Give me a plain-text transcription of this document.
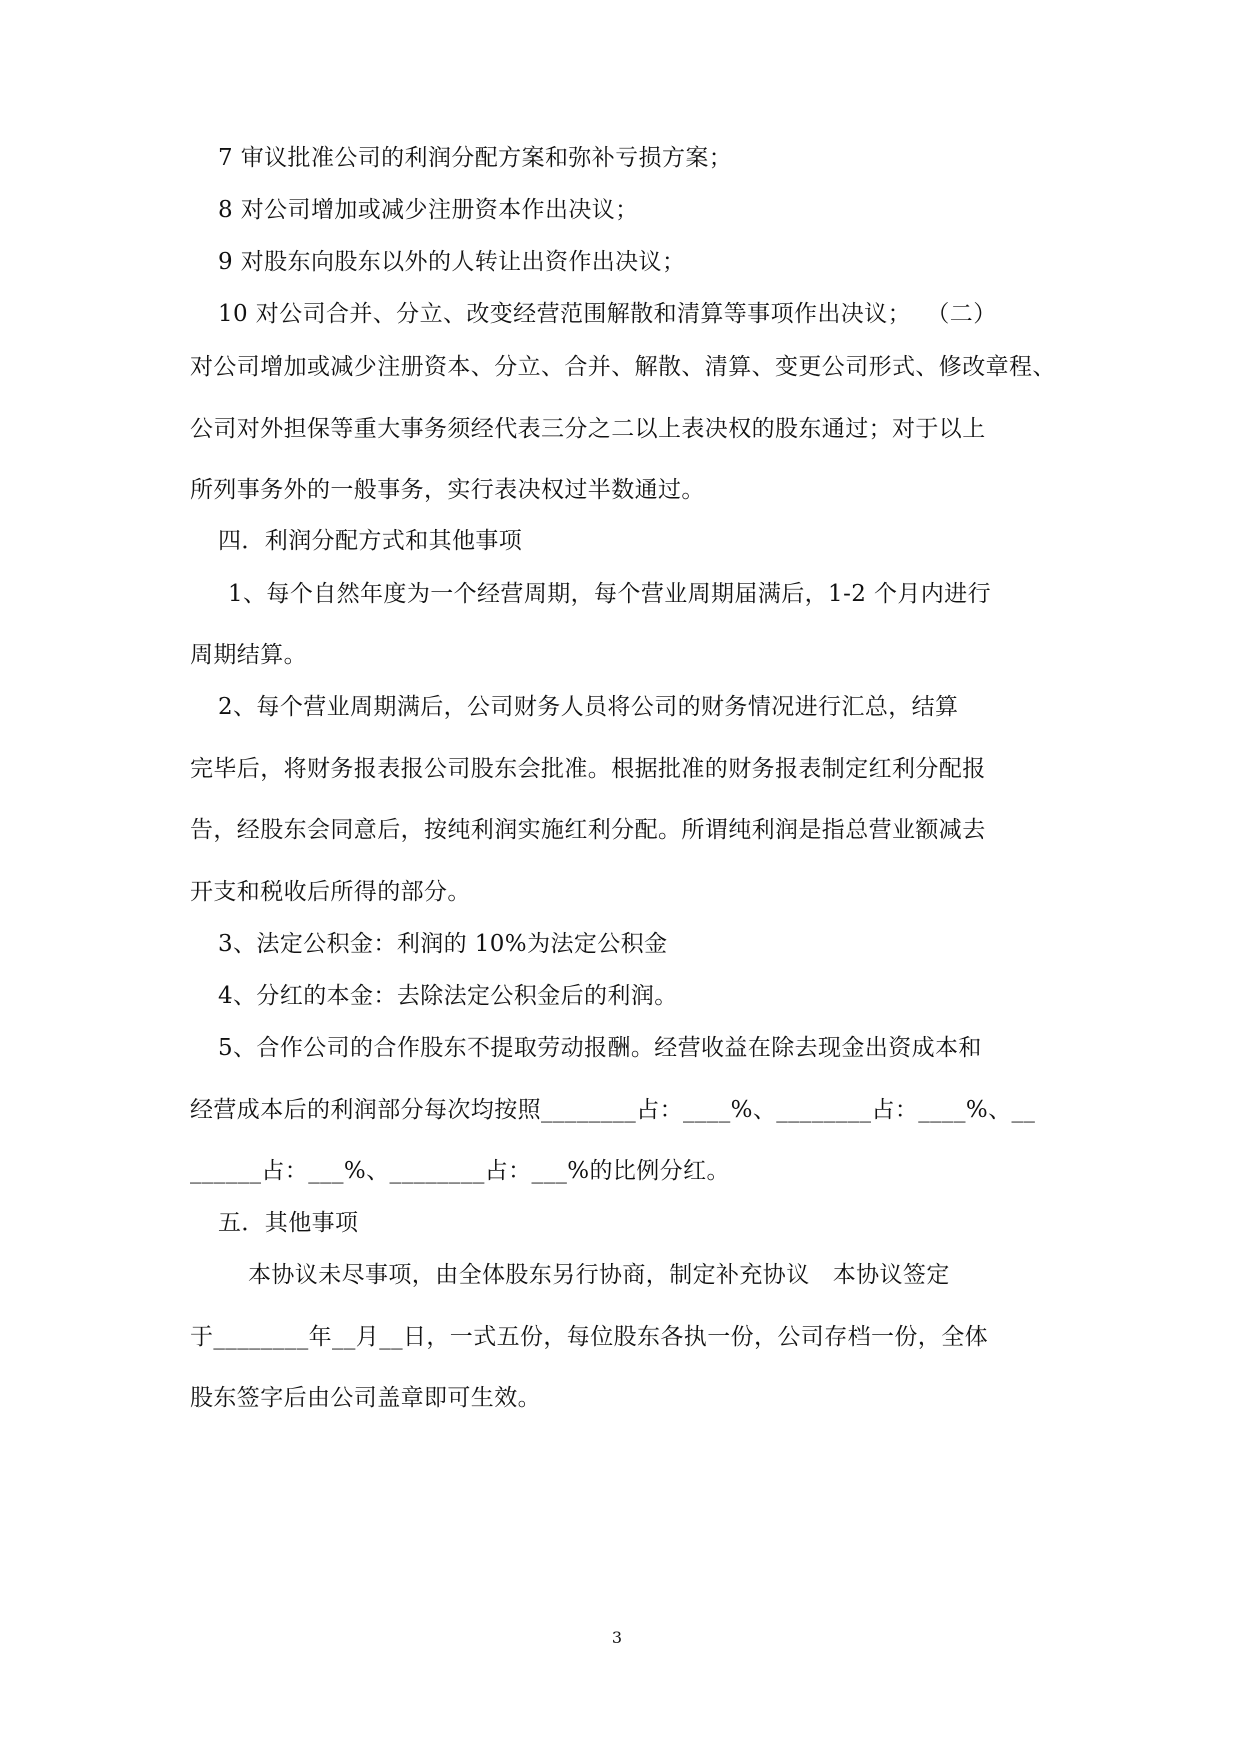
7 审议批准公司的利润分配方案和弥补亏损方案；
8 对公司增加或减少注册资本作出决议；
9 对股东向股东以外的人转让出资作出决议；
10 对公司合并、分立、改变经营范围解散和清算等事项作出决议；  （二）
对公司增加或减少注册资本、分立、合并、解散、清算、变更公司形式、修改章程、
公司对外担保等重大事务须经代表三分之二以上表决权的股东通过；对于以上
所列事务外的一般事务，实行表决权过半数通过。
四．利润分配方式和其他事项
1、每个自然年度为一个经营周期，每个营业周期届满后，1-2 个月内进行
周期结算。
2、每个营业周期满后，公司财务人员将公司的财务情况进行汇总，结算
完毕后，将财务报表报公司股东会批准。根据批准的财务报表制定红利分配报
告，经股东会同意后，按纯利润实施红利分配。所谓纯利润是指总营业额减去
开支和税收后所得的部分。
3、法定公积金：利润的 10%为法定公积金
4、分红的本金：去除法定公积金后的利润。
5、合作公司的合作股东不提取劳动报酬。经营收益在除去现金出资成本和
经营成本后的利润部分每次均按照________占：____%、________占：____%、__
______占：___%、________占：___%的比例分红。
五．其他事项
本协议未尽事项，由全体股东另行协商，制定补充协议   本协议签定
于________年__月__日，一式五份，每位股东各执一份，公司存档一份，全体
股东签字后由公司盖章即可生效。
3
